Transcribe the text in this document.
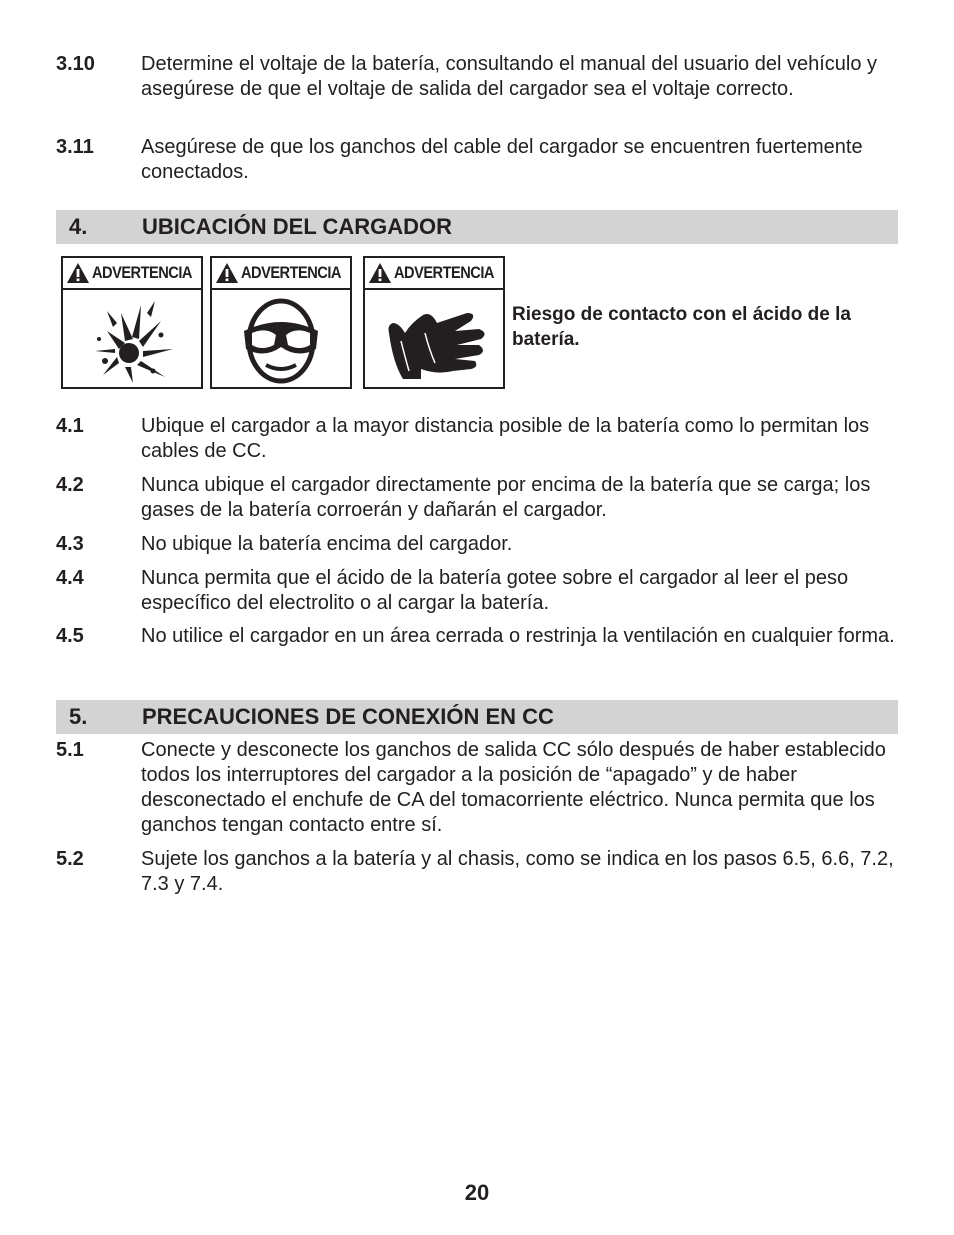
3.10 Determine el voltaje de la batería, consultando el manual del usuario del vehículo y asegúrese de que el voltaje de salida del cargador sea el voltaje correcto.
3.11 Asegúrese de que los ganchos del cable del cargador se encuentren fuertemente conectados.
4. UBICACIÓN DEL CARGADOR
ADVERTENCIA	ADVERTENCIA	ADVERTENCIA
Riesgo de contacto con el ácido de la batería.
4.1	Ubique el cargador a la mayor distancia posible de la batería como lo permitan los cables de CC.
4.2	Nunca ubique el cargador directamente por encima de la batería que se carga; los gases de la batería corroerán y dañarán el cargador.
4.3	No ubique la batería encima del cargador.
4.4	Nunca permita que el ácido de la batería gotee sobre el cargador al leer el peso específico del electrolito o al cargar la batería.
4.5	No utilice el cargador en un área cerrada o restrinja la ventilación en cualquier forma.
5. PRECAUCIONES DE CONEXIÓN EN CC
5.1	Conecte y desconecte los ganchos de salida CC sólo después de haber establecido todos los interruptores del cargador a la posición de “apagado” y de haber desconectado el enchufe de CA del tomacorriente eléctrico. Nunca permita que los ganchos tengan contacto entre sí.
5.2	Sujete los ganchos a la batería y al chasis, como se indica en los pasos 6.5, 6.6, 7.2, 7.3 y 7.4.
20
